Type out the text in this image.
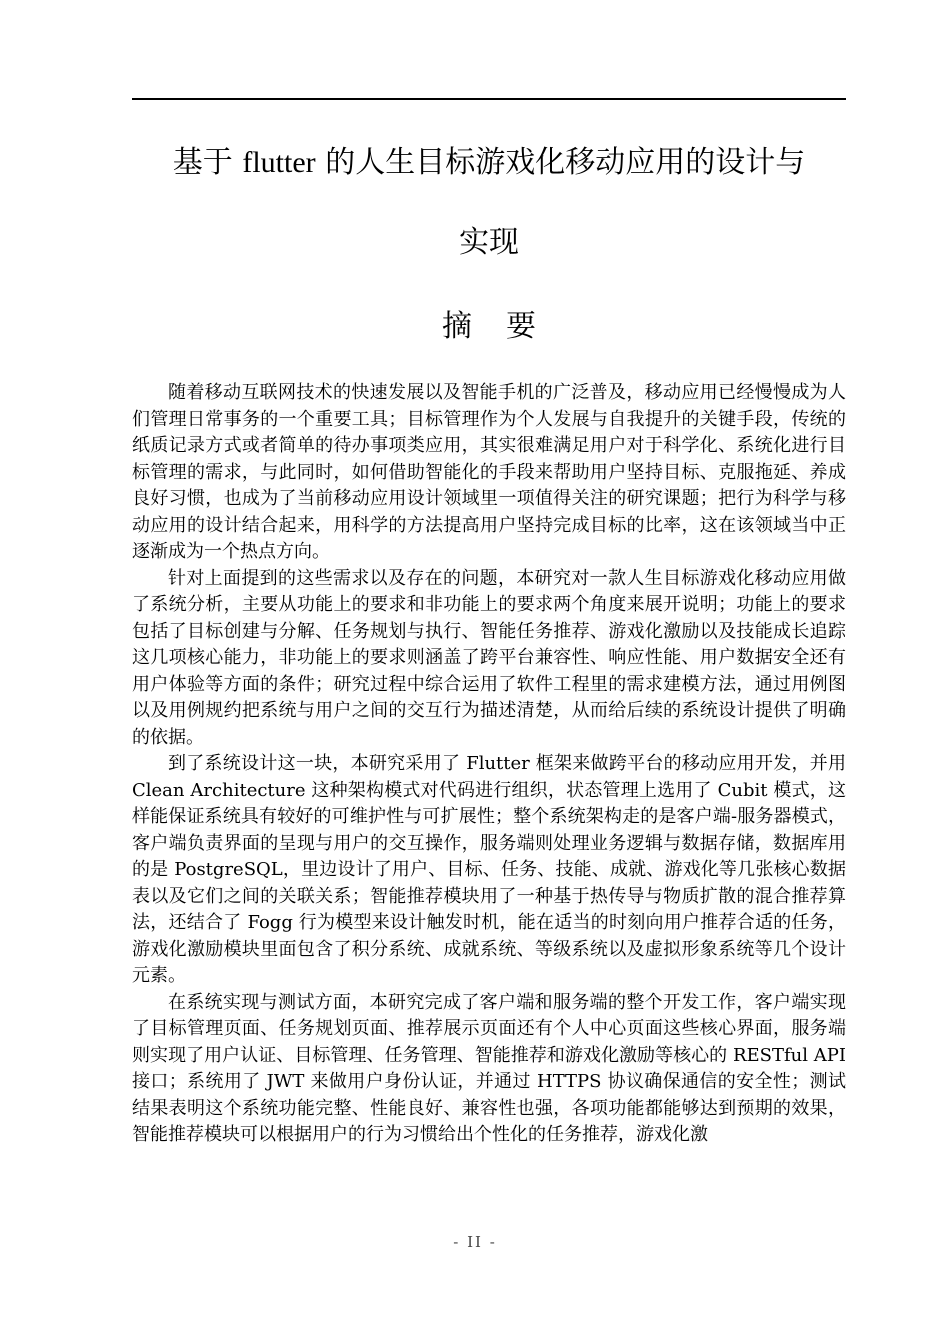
基于 flutter 的人生目标游戏化移动应用的设计与
实现
摘要

随着移动互联网技术的快速发展以及智能手机的广泛普及，移动应用已经慢慢成为人们管理日常事务的一个重要工具；目标管理作为个人发展与自我提升的关键手段，传统的纸质记录方式或者简单的待办事项类应用，其实很难满足用户对于科学化、系统化进行目标管理的需求，与此同时，如何借助智能化的手段来帮助用户坚持目标、克服拖延、养成良好习惯，也成为了当前移动应用设计领域里一项值得关注的研究课题；把行为科学与移动应用的设计结合起来，用科学的方法提高用户坚持完成目标的比率，这在该领域当中正逐渐成为一个热点方向。

针对上面提到的这些需求以及存在的问题，本研究对一款人生目标游戏化移动应用做了系统分析，主要从功能上的要求和非功能上的要求两个角度来展开说明；功能上的要求包括了目标创建与分解、任务规划与执行、智能任务推荐、游戏化激励以及技能成长追踪这几项核心能力，非功能上的要求则涵盖了跨平台兼容性、响应性能、用户数据安全还有用户体验等方面的条件；研究过程中综合运用了软件工程里的需求建模方法，通过用例图以及用例规约把系统与用户之间的交互行为描述清楚，从而给后续的系统设计提供了明确的依据。

到了系统设计这一块，本研究采用了 Flutter 框架来做跨平台的移动应用开发，并用 Clean Architecture 这种架构模式对代码进行组织，状态管理上选用了 Cubit 模式，这样能保证系统具有较好的可维护性与可扩展性；整个系统架构走的是客户端-服务器模式，客户端负责界面的呈现与用户的交互操作，服务端则处理业务逻辑与数据存储，数据库用的是 PostgreSQL，里边设计了用户、目标、任务、技能、成就、游戏化等几张核心数据表以及它们之间的关联关系；智能推荐模块用了一种基于热传导与物质扩散的混合推荐算法，还结合了 Fogg 行为模型来设计触发时机，能在适当的时刻向用户推荐合适的任务，游戏化激励模块里面包含了积分系统、成就系统、等级系统以及虚拟形象系统等几个设计元素。

在系统实现与测试方面，本研究完成了客户端和服务端的整个开发工作，客户端实现了目标管理页面、任务规划页面、推荐展示页面还有个人中心页面这些核心界面，服务端则实现了用户认证、目标管理、任务管理、智能推荐和游戏化激励等核心的 RESTful API 接口；系统用了 JWT 来做用户身份认证，并通过 HTTPS 协议确保通信的安全性；测试结果表明这个系统功能完整、性能良好、兼容性也强，各项功能都能够达到预期的效果，智能推荐模块可以根据用户的行为习惯给出个性化的任务推荐，游戏化激

- II -
